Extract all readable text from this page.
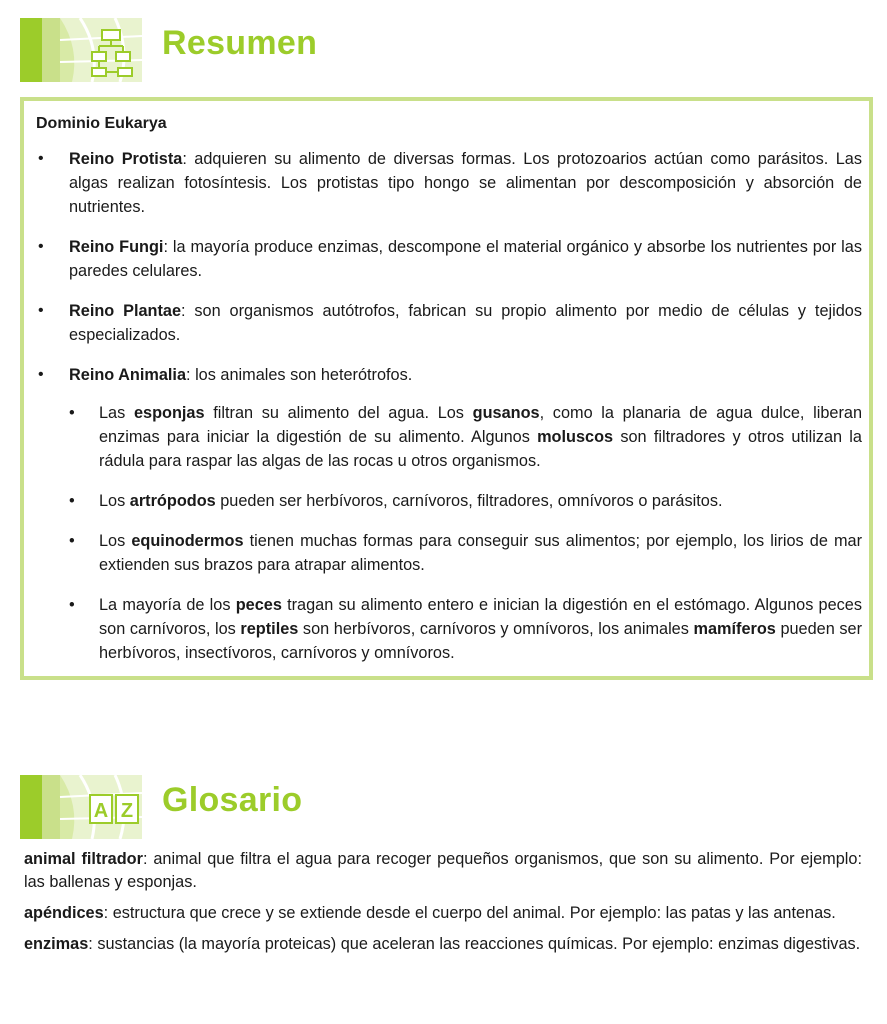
Resumen
Dominio Eukarya
• Reino Protista: adquieren su alimento de diversas formas. Los protozoarios actúan como parásitos. Las algas realizan fotosíntesis. Los protistas tipo hongo se alimentan por descomposición y absorción de nutrientes.
• Reino Fungi: la mayoría produce enzimas, descompone el material orgánico y absorbe los nutrientes por las paredes celulares.
• Reino Plantae: son organismos autótrofos, fabrican su propio alimento por medio de células y tejidos especializados.
• Reino Animalia: los animales son heterótrofos.
• Las esponjas filtran su alimento del agua. Los gusanos, como la planaria de agua dulce, liberan enzimas para iniciar la digestión de su alimento. Algunos moluscos son filtradores y otros utilizan la rádula para raspar las algas de las rocas u otros organismos.
• Los artrópodos pueden ser herbívoros, carnívoros, filtradores, omnívoros o parásitos.
• Los equinodermos tienen muchas formas para conseguir sus alimentos; por ejemplo, los lirios de mar extienden sus brazos para atrapar alimentos.
• La mayoría de los peces tragan su alimento entero e inician la digestión en el estómago. Algunos peces son carnívoros, los reptiles son herbívoros, carnívoros y omnívoros, los animales mamíferos pueden ser herbívoros, insectívoros, carnívoros y omnívoros.
A Z Glosario

animal filtrador: animal que filtra el agua para recoger pequeños organismos, que son su alimento. Por ejemplo: las ballenas y esponjas.

apéndices: estructura que crece y se extiende desde el cuerpo del animal. Por ejemplo: las patas y las antenas.

enzimas: sustancias (la mayoría proteicas) que aceleran las reacciones químicas. Por ejemplo: enzimas digestivas.
